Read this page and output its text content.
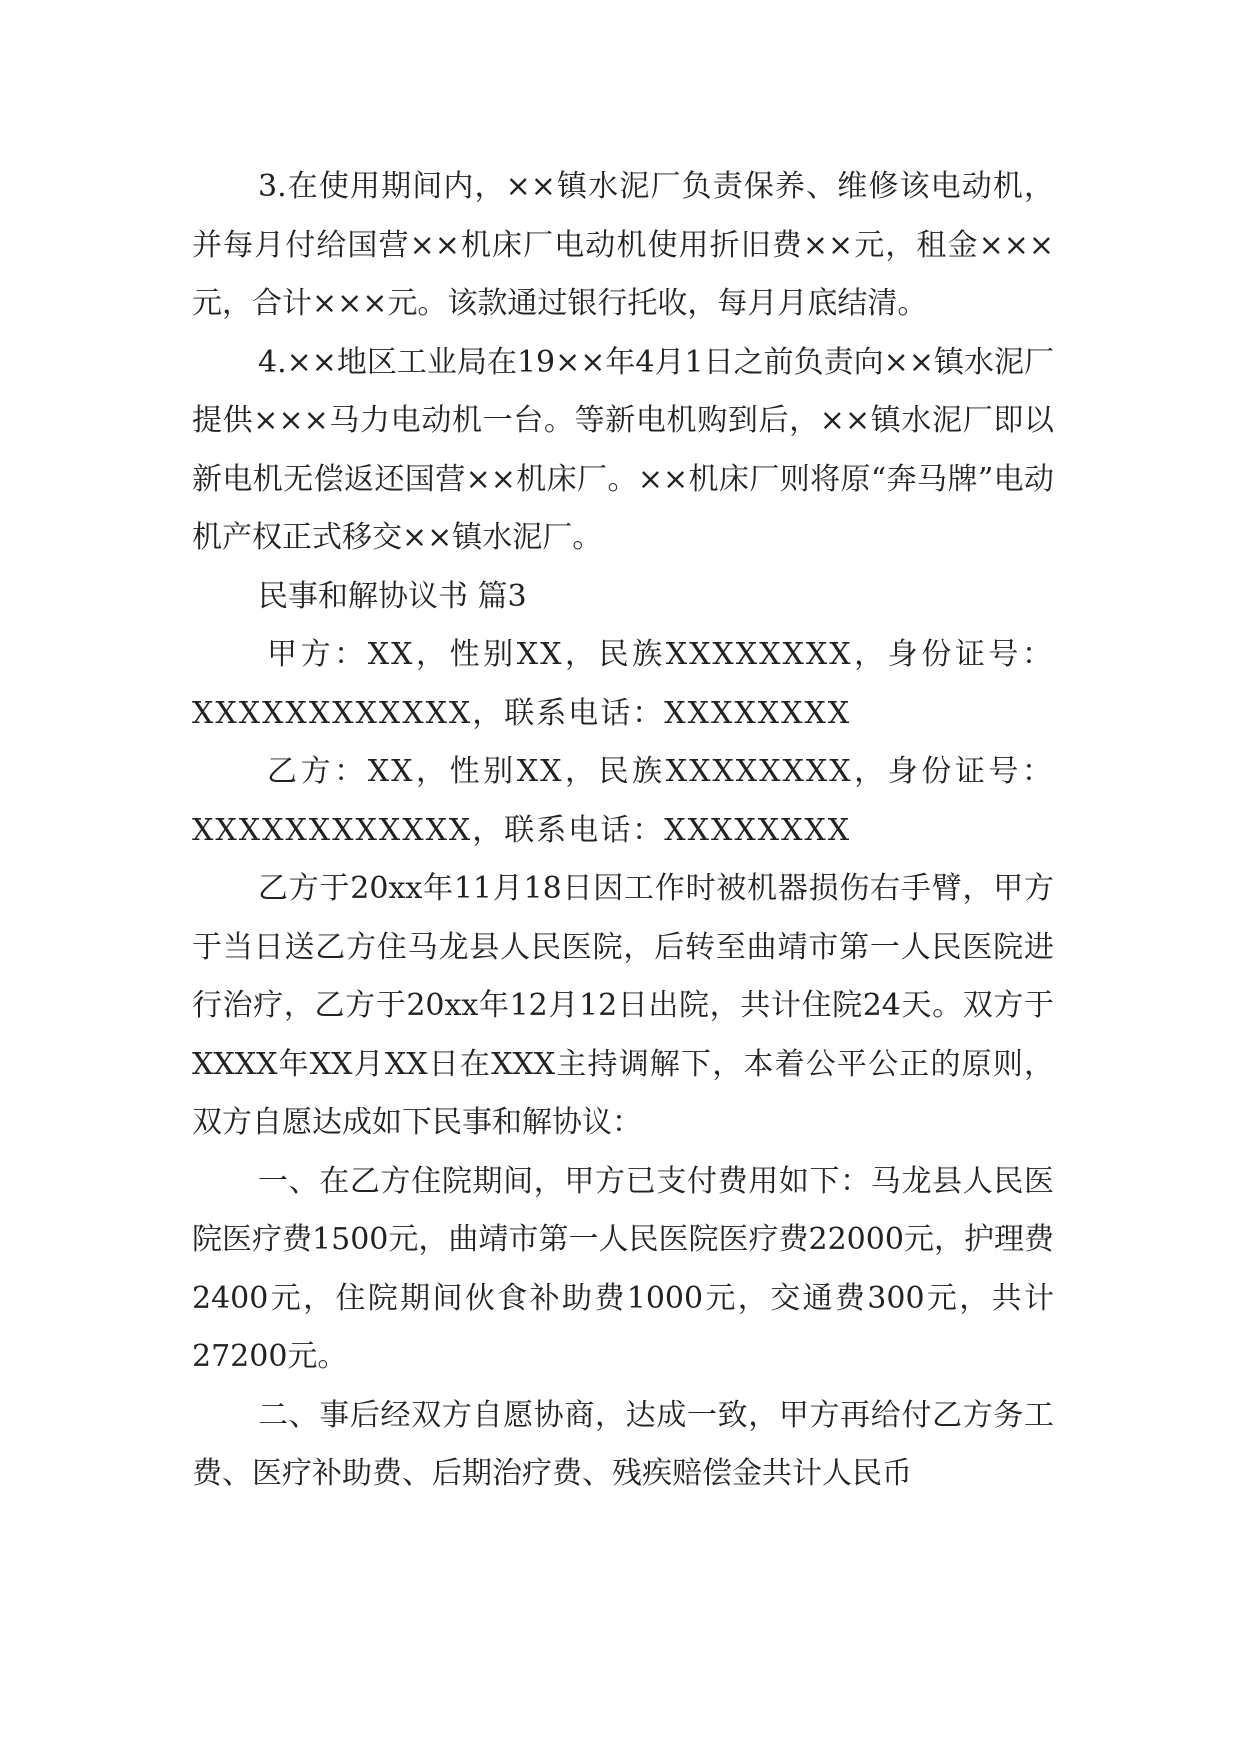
3.在使用期间内，××镇水泥厂负责保养、维修该电动机，并每月付给国营××机床厂电动机使用折旧费××元，租金×××元，合计×××元。该款通过银行托收，每月月底结清。

4.××地区工业局在19××年4月1日之前负责向××镇水泥厂提供×××马力电动机一台。等新电机购到后，××镇水泥厂即以新电机无偿返还国营××机床厂。××机床厂则将原“奔马牌”电动机产权正式移交××镇水泥厂。

民事和解协议书 篇3

甲方：XX，性别XX，民族XXXXXXXX，身份证号：XXXXXXXXXXXX，联系电话：XXXXXXXX

乙方：XX，性别XX，民族XXXXXXXX，身份证号：XXXXXXXXXXXX，联系电话：XXXXXXXX

乙方于20xx年11月18日因工作时被机器损伤右手臂，甲方于当日送乙方住马龙县人民医院，后转至曲靖市第一人民医院进行治疗，乙方于20xx年12月12日出院，共计住院24天。双方于XXXX年XX月XX日在XXX主持调解下，本着公平公正的原则，双方自愿达成如下民事和解协议：

一、在乙方住院期间，甲方已支付费用如下：马龙县人民医院医疗费1500元，曲靖市第一人民医院医疗费22000元，护理费2400元，住院期间伙食补助费1000元，交通费300元，共计27200元。

二、事后经双方自愿协商，达成一致，甲方再给付乙方务工费、医疗补助费、后期治疗费、残疾赔偿金共计人民币
